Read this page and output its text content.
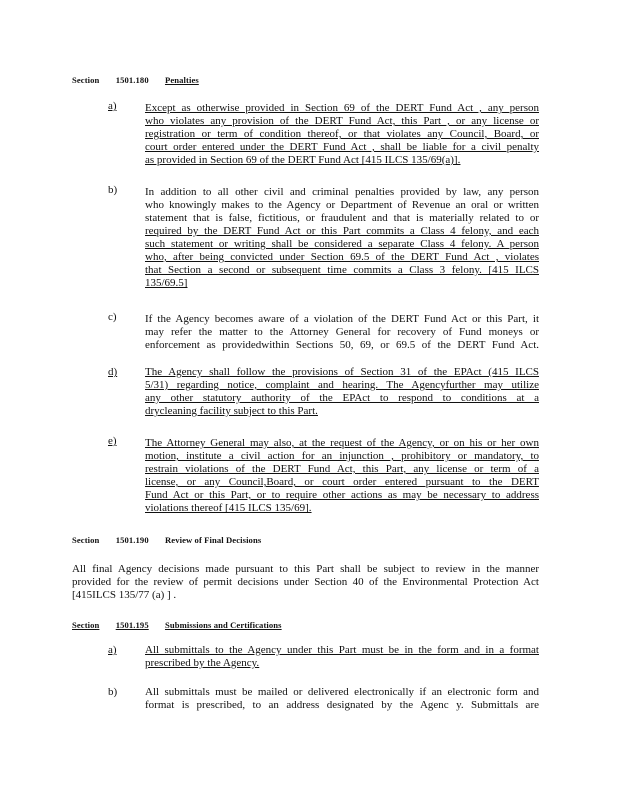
Section 1501.180 Penalties
a)	Except as otherwise provided in Section 69 of the DERT Fund Act , any person
who violates any provision of the DERT Fund Act, this Part , or any license or
registration or term of condition thereof, or that violates any Council, Board, or
court order entered under the DERT Fund Act , shall be liable for a civil penalty
as provided in Section 69 of the DERT Fund Act [415 ILCS 135/69(a)].
b)	In addition to all other civil and criminal penalties provided by law, any person
who knowingly makes to the Agency or Department of Revenue an oral or written
statement that is false, fictitious, or fraudulent and that is materially related to or
required by the DERT Fund Act or this Part commits a Class 4 felony, and each
such statement or writing shall be considered a separate Class 4 felony. A person
who, after being convicted under Section 69.5 of the DERT Fund Act , violates
that Section a second or subsequent time commits a Class 3 felony. [415 ILCS
135/69.5]
c)	If the Agency becomes aware of a violation of the DERT Fund Act or this Part, it
may refer the matter to the Attorney General for recovery of Fund moneys or
enforcement as providedwithin Sections 50, 69, or 69.5 of the DERT Fund Act.
d)	The Agency shall follow the provisions of Section 31 of the EPAct (415 ILCS
5/31) regarding notice, complaint and hearing. The Agencyfurther may utilize
any other statutory authority of the EPAct to respond to conditions at a
drycleaning facility subject to this Part.
e)	The Attorney General may also, at the request of the Agency, or on his or her own
motion, institute a civil action for an injunction , prohibitory or mandatory, to
restrain violations of the DERT Fund Act, this Part, any license or term of a
license, or any Council,Board, or court order entered pursuant to the DERT
Fund Act or this Part, or to require other actions as may be necessary to address
violations thereof [415 ILCS 135/69].
Section 1501.190 Review of Final Decisions
All final Agency decisions made pursuant to this Part shall be subject to review in the manner
provided for the review of permit decisions under Section 40 of the Environmental Protection Act
[415ILCS 135/77 (a) ] .
Section 1501.195 Submissions and Certifications
a)	All submittals to the Agency under this Part must be in the form and in a format
prescribed by the Agency.
b)	All submittals must be mailed or delivered electronically if an electronic form and
format is prescribed, to an address designated by the Agenc y. Submittals are
